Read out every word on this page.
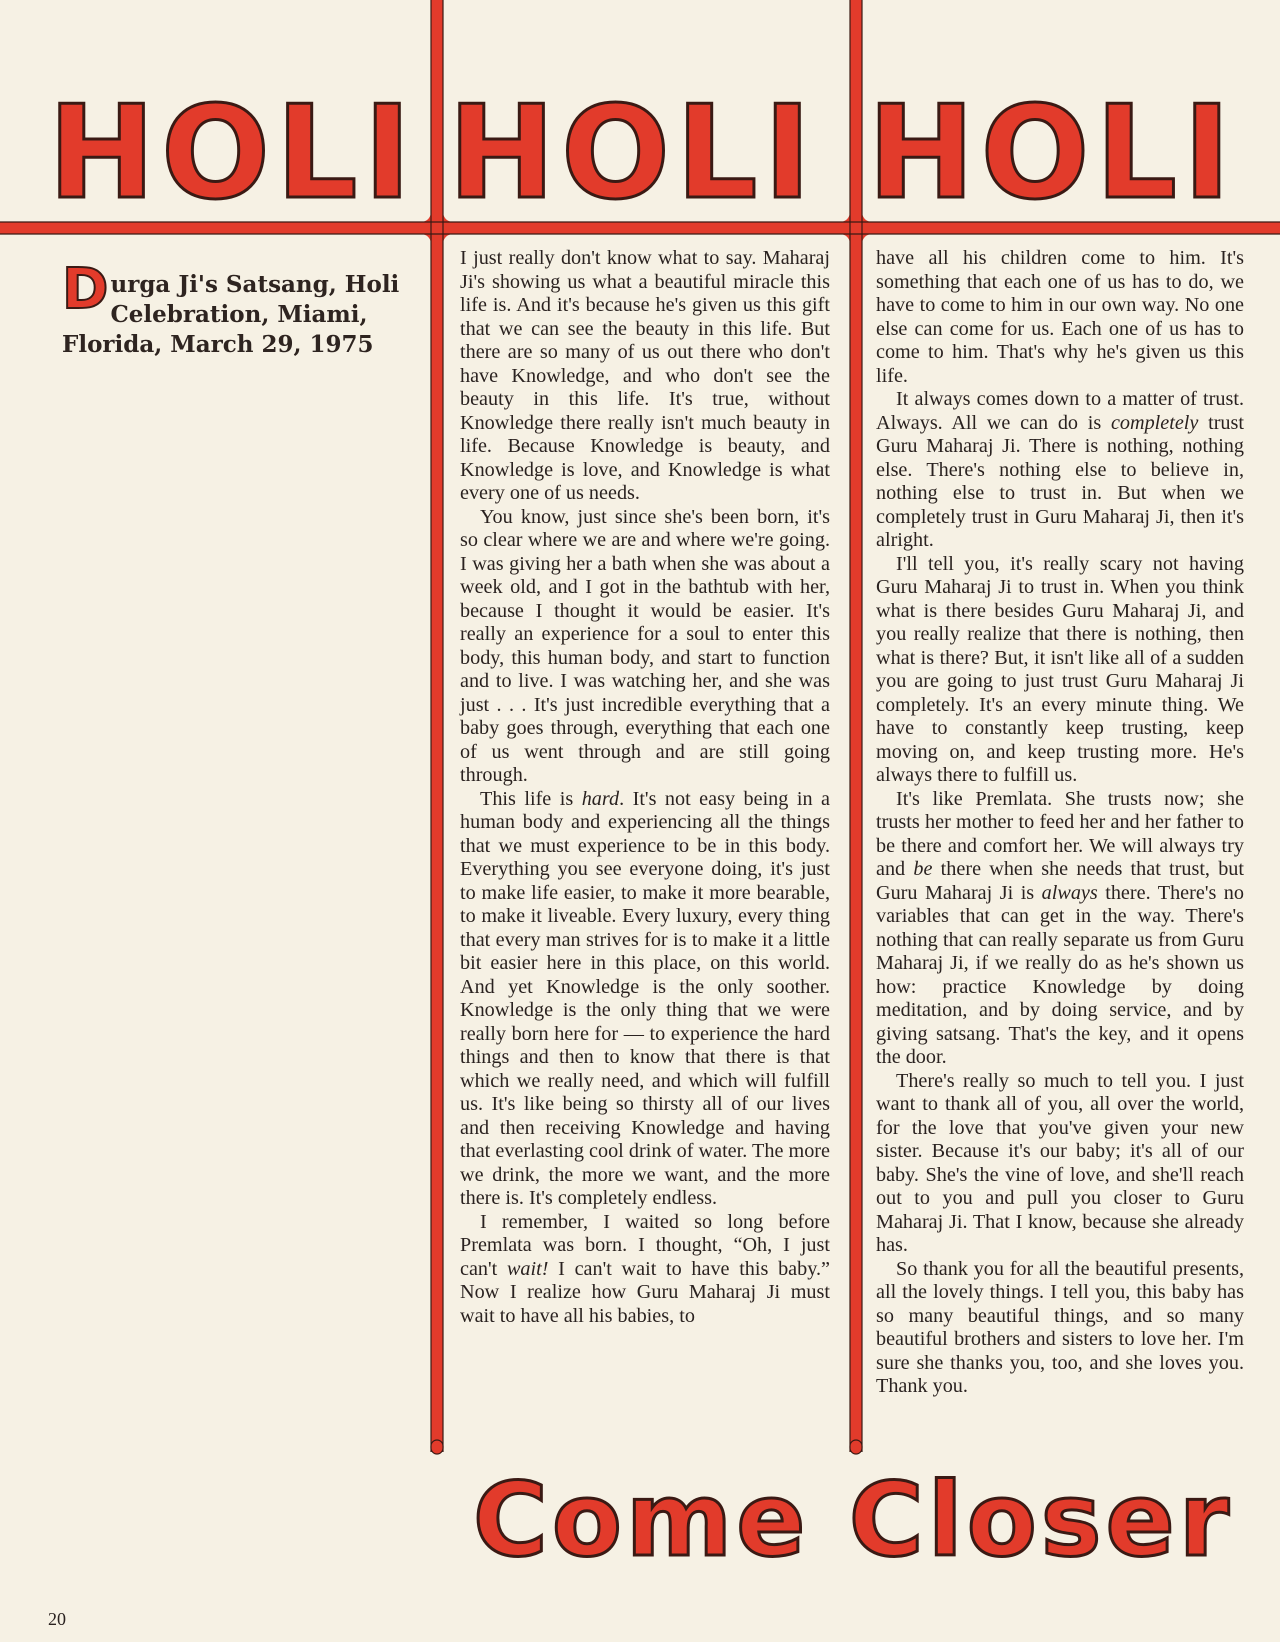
HOLI HOLI HOLI
Durga Ji's Satsang, Holi Celebration, Miami, Florida, March 29, 1975

I just really don't know what to say. Maharaj Ji's showing us what a beautiful miracle this life is. And it's because he's given us this gift that we can see the beauty in this life. But there are so many of us out there who don't have Knowledge, and who don't see the beauty in this life. It's true, without Knowledge there really isn't much beauty in life. Because Knowledge is beauty, and Knowledge is love, and Knowledge is what every one of us needs.

You know, just since she's been born, it's so clear where we are and where we're going. I was giving her a bath when she was about a week old, and I got in the bathtub with her, because I thought it would be easier. It's really an experience for a soul to enter this body, this human body, and start to function and to live. I was watching her, and she was just . . . It's just incredible everything that a baby goes through, everything that each one of us went through and are still going through.

This life is hard. It's not easy being in a human body and experiencing all the things that we must experience to be in this body. Everything you see everyone doing, it's just to make life easier, to make it more bearable, to make it liveable. Every luxury, every thing that every man strives for is to make it a little bit easier here in this place, on this world. And yet Knowledge is the only soother. Knowledge is the only thing that we were really born here for — to experience the hard things and then to know that there is that which we really need, and which will fulfill us. It's like being so thirsty all of our lives and then receiving Knowledge and having that everlasting cool drink of water. The more we drink, the more we want, and the more there is. It's completely endless.

I remember, I waited so long before Premlata was born. I thought, “Oh, I just can't wait! I can't wait to have this baby.” Now I realize how Guru Maharaj Ji must wait to have all his babies, to

have all his children come to him. It's something that each one of us has to do, we have to come to him in our own way. No one else can come for us. Each one of us has to come to him. That's why he's given us this life.

It always comes down to a matter of trust. Always. All we can do is completely trust Guru Maharaj Ji. There is nothing, nothing else. There's nothing else to believe in, nothing else to trust in. But when we completely trust in Guru Maharaj Ji, then it's alright.

I'll tell you, it's really scary not having Guru Maharaj Ji to trust in. When you think what is there besides Guru Maharaj Ji, and you really realize that there is nothing, then what is there? But, it isn't like all of a sudden you are going to just trust Guru Maharaj Ji completely. It's an every minute thing. We have to constantly keep trusting, keep moving on, and keep trusting more. He's always there to fulfill us.

It's like Premlata. She trusts now; she trusts her mother to feed her and her father to be there and comfort her. We will always try and be there when she needs that trust, but Guru Maharaj Ji is always there. There's no variables that can get in the way. There's nothing that can really separate us from Guru Maharaj Ji, if we really do as he's shown us how: practice Knowledge by doing meditation, and by doing service, and by giving satsang. That's the key, and it opens the door.

There's really so much to tell you. I just want to thank all of you, all over the world, for the love that you've given your new sister. Because it's our baby; it's all of our baby. She's the vine of love, and she'll reach out to you and pull you closer to Guru Maharaj Ji. That I know, because she already has.

So thank you for all the beautiful presents, all the lovely things. I tell you, this baby has so many beautiful things, and so many beautiful brothers and sisters to love her. I'm sure she thanks you, too, and she loves you. Thank you.

Come Closer
20
